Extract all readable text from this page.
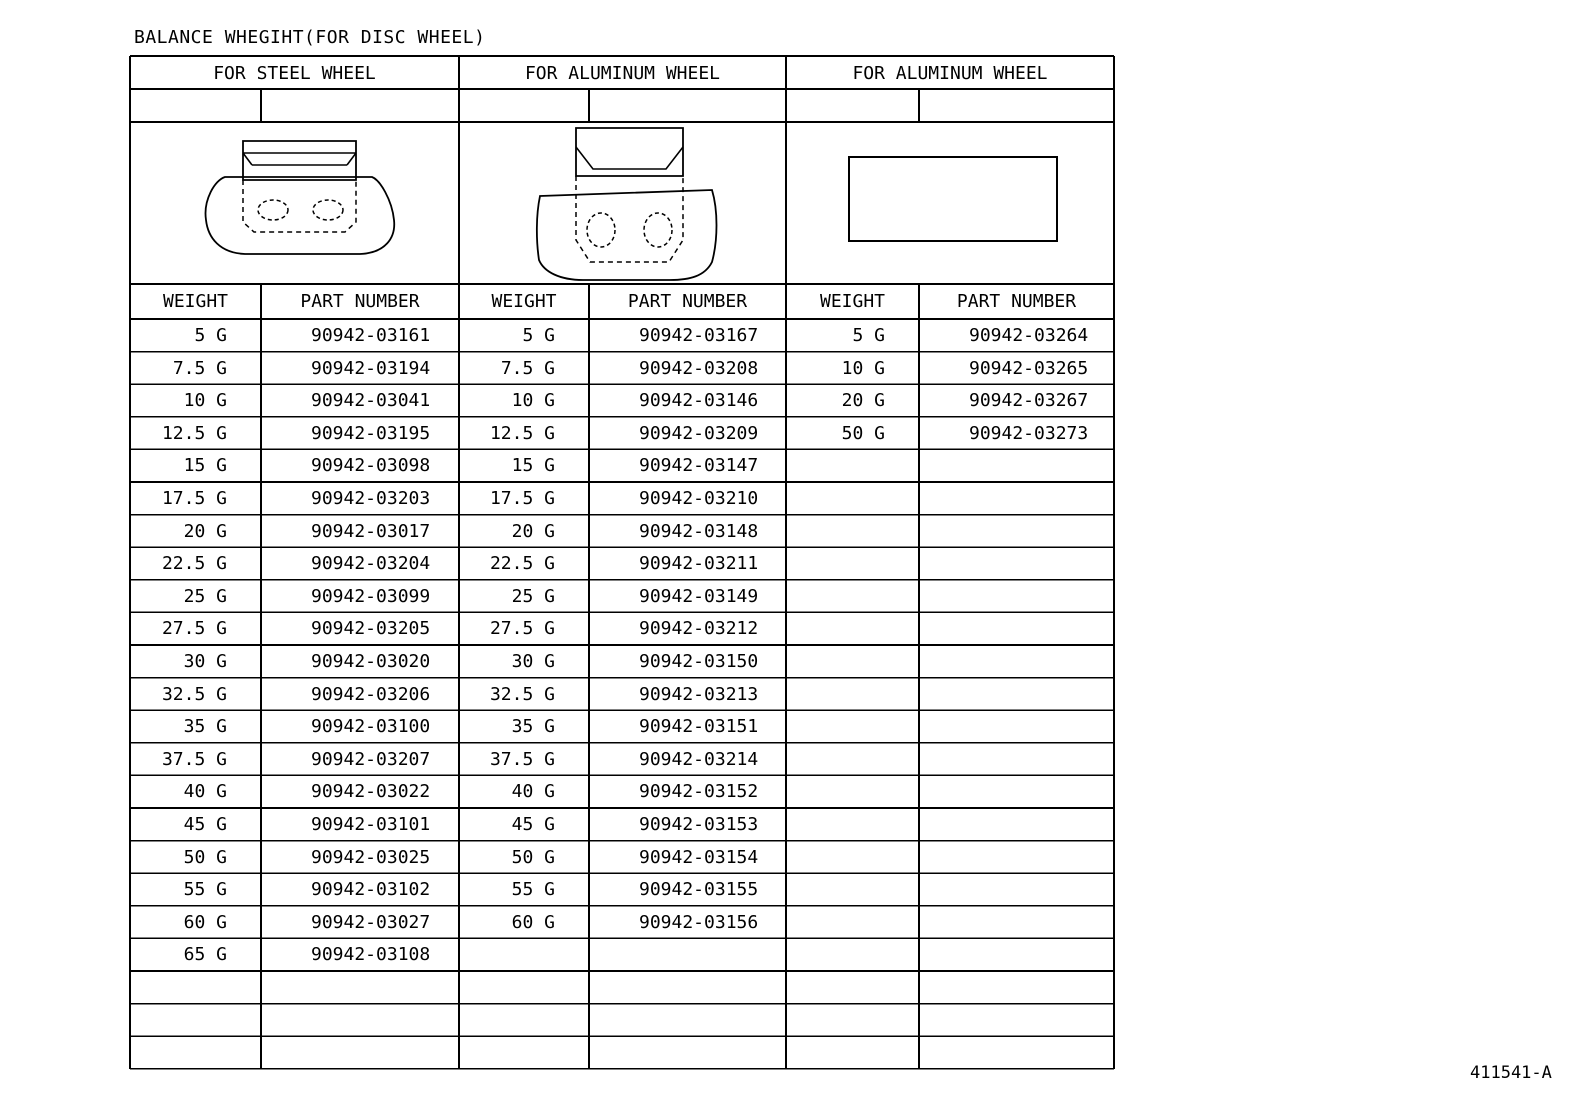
BALANCE WHEGIHT(FOR DISC WHEEL)
FOR STEEL WHEEL
WEIGHT	PART NUMBER
5 G	90942-03161
7.5 G	90942-03194
10 G	90942-03041
12.5 G	90942-03195
15 G	90942-03098
17.5 G	90942-03203
20 G	90942-03017
22.5 G	90942-03204
25 G	90942-03099
27.5 G	90942-03205
30 G	90942-03020
32.5 G	90942-03206
35 G	90942-03100
37.5 G	90942-03207
40 G	90942-03022
45 G	90942-03101
50 G	90942-03025
55 G	90942-03102
60 G	90942-03027
65 G	90942-03108
FOR ALUMINUM WHEEL
WEIGHT	PART NUMBER
5 G	90942-03167
7.5 G	90942-03208
10 G	90942-03146
12.5 G	90942-03209
15 G	90942-03147
17.5 G	90942-03210
20 G	90942-03148
22.5 G	90942-03211
25 G	90942-03149
27.5 G	90942-03212
30 G	90942-03150
32.5 G	90942-03213
35 G	90942-03151
37.5 G	90942-03214
40 G	90942-03152
45 G	90942-03153
50 G	90942-03154
55 G	90942-03155
60 G	90942-03156
FOR ALUMINUM WHEEL
WEIGHT	PART NUMBER
5 G	90942-03264
10 G	90942-03265
20 G	90942-03267
50 G	90942-03273
411541-A
